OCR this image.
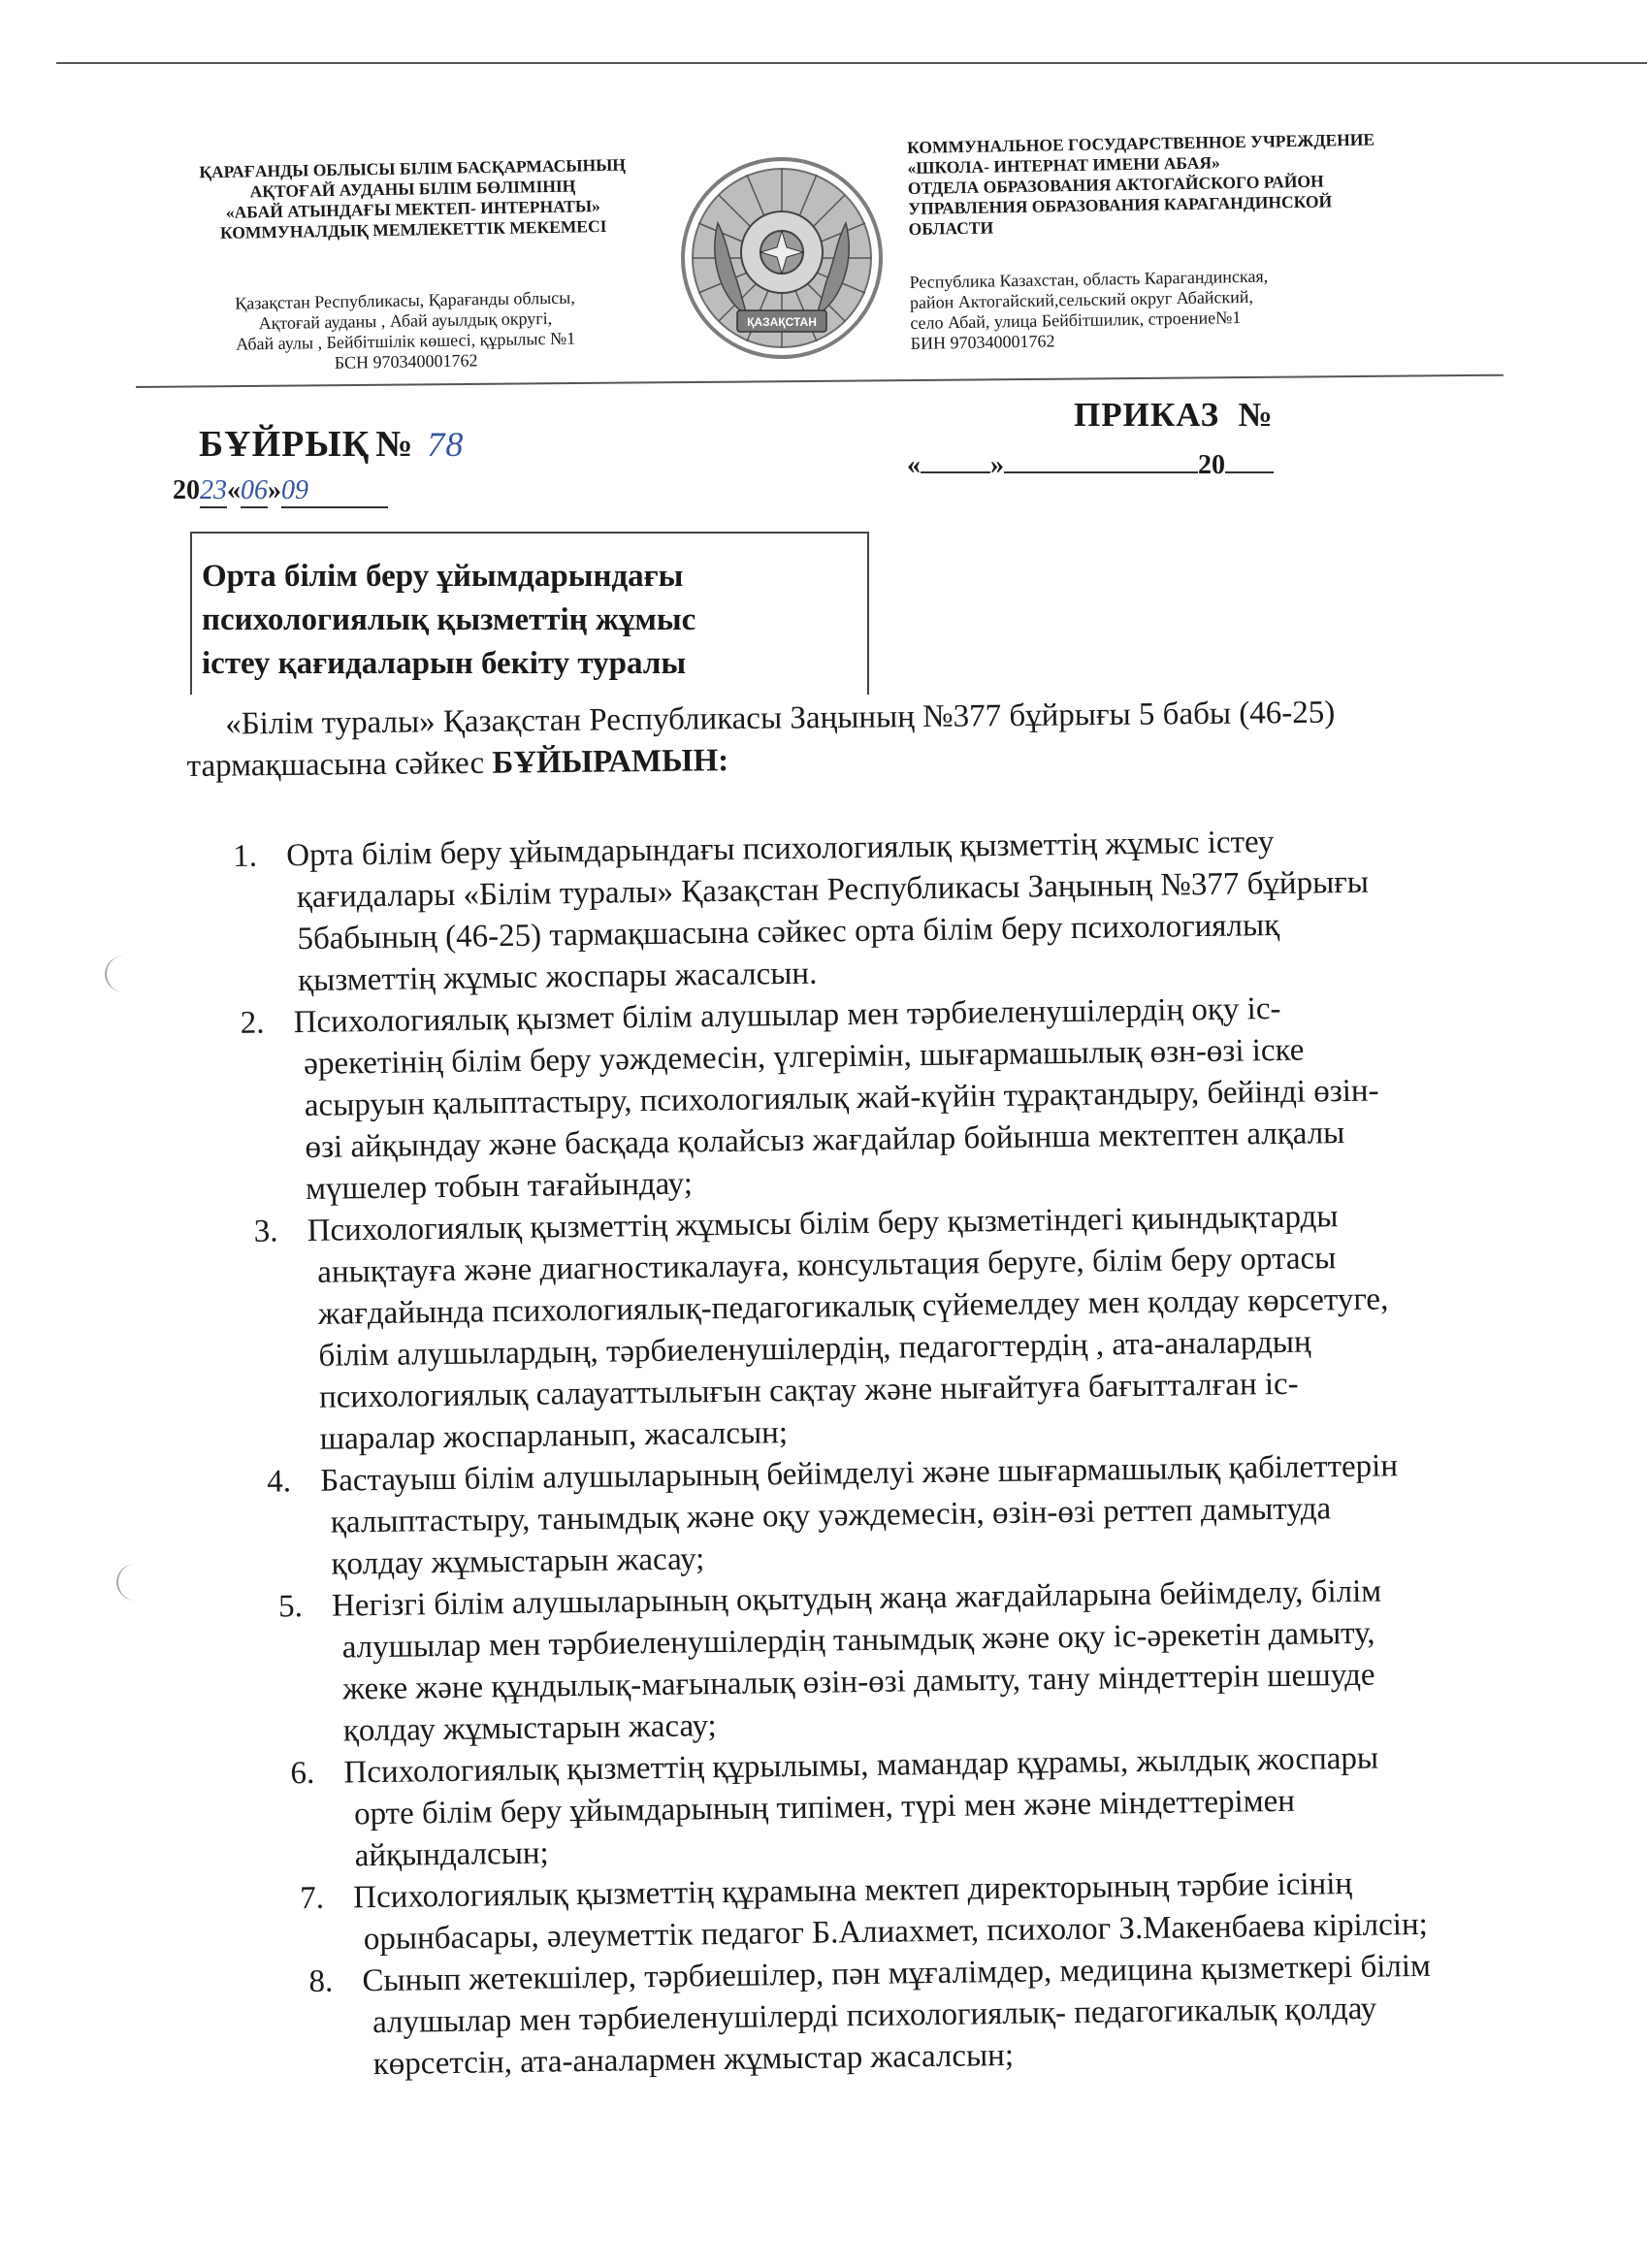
ҚАРАҒАНДЫ ОБЛЫСЫ БІЛІМ БАСҚАРМАСЫНЫҢ
АҚТОҒАЙ АУДАНЫ БІЛІМ БӨЛІМІНІҢ
«АБАЙ АТЫНДАҒЫ МЕКТЕП- ИНТЕРНАТЫ»
КОММУНАЛДЫҚ МЕМЛЕКЕТТІК МЕКЕМЕСІ
Қазақстан Республикасы, Қарағанды облысы,
Ақтоғай ауданы , Абай ауылдық округі,
Абай аулы , Бейбітшілік көшесі, құрылыс №1
БСН 970340001762
ҚАЗАҚСТАН
КОММУНАЛЬНОЕ ГОСУДАРСТВЕННОЕ УЧРЕЖДЕНИЕ
«ШКОЛА- ИНТЕРНАТ ИМЕНИ АБАЯ»
ОТДЕЛА ОБРАЗОВАНИЯ АКТОГАЙСКОГО РАЙОН
УПРАВЛЕНИЯ ОБРАЗОВАНИЯ КАРАГАНДИНСКОЙ
ОБЛАСТИ
Республика Казахстан, область Карагандинская,
район Актогайский,сельский округ Абайский,
село Абай, улица Бейбітшилик, строение№1
БИН 970340001762
БҰЙРЫҚ № 78
2023«06»09
ПРИКАЗ №
«	»	20
Орта білім беру ұйымдарындағы
психологиялық қызметтің жұмыс
істеу қағидаларын бекіту туралы
«Білім туралы» Қазақстан Республикасы Заңының №377 бұйрығы 5 бабы (46-25)
тармақшасына сәйкес БҰЙЫРАМЫН:
1. Орта білім беру ұйымдарындағы психологиялық қызметтің жұмыс істеу
қағидалары «Білім туралы» Қазақстан Республикасы Заңының №377 бұйрығы
5бабының (46-25) тармақшасына сәйкес орта білім беру психологиялық
қызметтің жұмыс жоспары жасалсын.
2. Психологиялық қызмет білім алушылар мен тәрбиеленушілердің оқу іс-
әрекетінің білім беру уәждемесін, үлгерімін, шығармашылық өзн-өзі іске
асыруын қалыптастыру, психологиялық жай-күйін тұрақтандыру, бейінді өзін-
өзі айқындау және басқада қолайсыз жағдайлар бойынша мектептен алқалы
мүшелер тобын тағайындау;
3. Психологиялық қызметтің жұмысы білім беру қызметіндегі қиындықтарды
анықтауға және диагностикалауға, консультация беруге, білім беру ортасы
жағдайында психологиялық-педагогикалық сүйемелдеу мен қолдау көрсетуге,
білім алушылардың, тәрбиеленушілердің, педагогтердің , ата-аналардың
психологиялық салауаттылығын сақтау және нығайтуға бағытталған іс-
шаралар жоспарланып, жасалсын;
4. Бастауыш білім алушыларының бейімделуі және шығармашылық қабілеттерін
қалыптастыру, танымдық және оқу уәждемесін, өзін-өзі реттеп дамытуда
қолдау жұмыстарын жасау;
5. Негізгі білім алушыларының оқытудың жаңа жағдайларына бейімделу, білім
алушылар мен тәрбиеленушілердің танымдық және оқу іс-әрекетін дамыту,
жеке және құндылық-мағыналық өзін-өзі дамыту, тану міндеттерін шешуде
қолдау жұмыстарын жасау;
6. Психологиялық қызметтің құрылымы, мамандар құрамы, жылдық жоспары
орте білім беру ұйымдарының типімен, түрі мен және міндеттерімен
айқындалсын;
7. Психологиялық қызметтің құрамына мектеп директорының тәрбие ісінің
орынбасары, әлеуметтік педагог Б.Алиахмет, психолог З.Макенбаева кірілсін;
8. Сынып жетекшілер, тәрбиешілер, пән мұғалімдер, медицина қызметкері білім
алушылар мен тәрбиеленушілерді психологиялық- педагогикалық қолдау
көрсетсін, ата-аналармен жұмыстар жасалсын;
